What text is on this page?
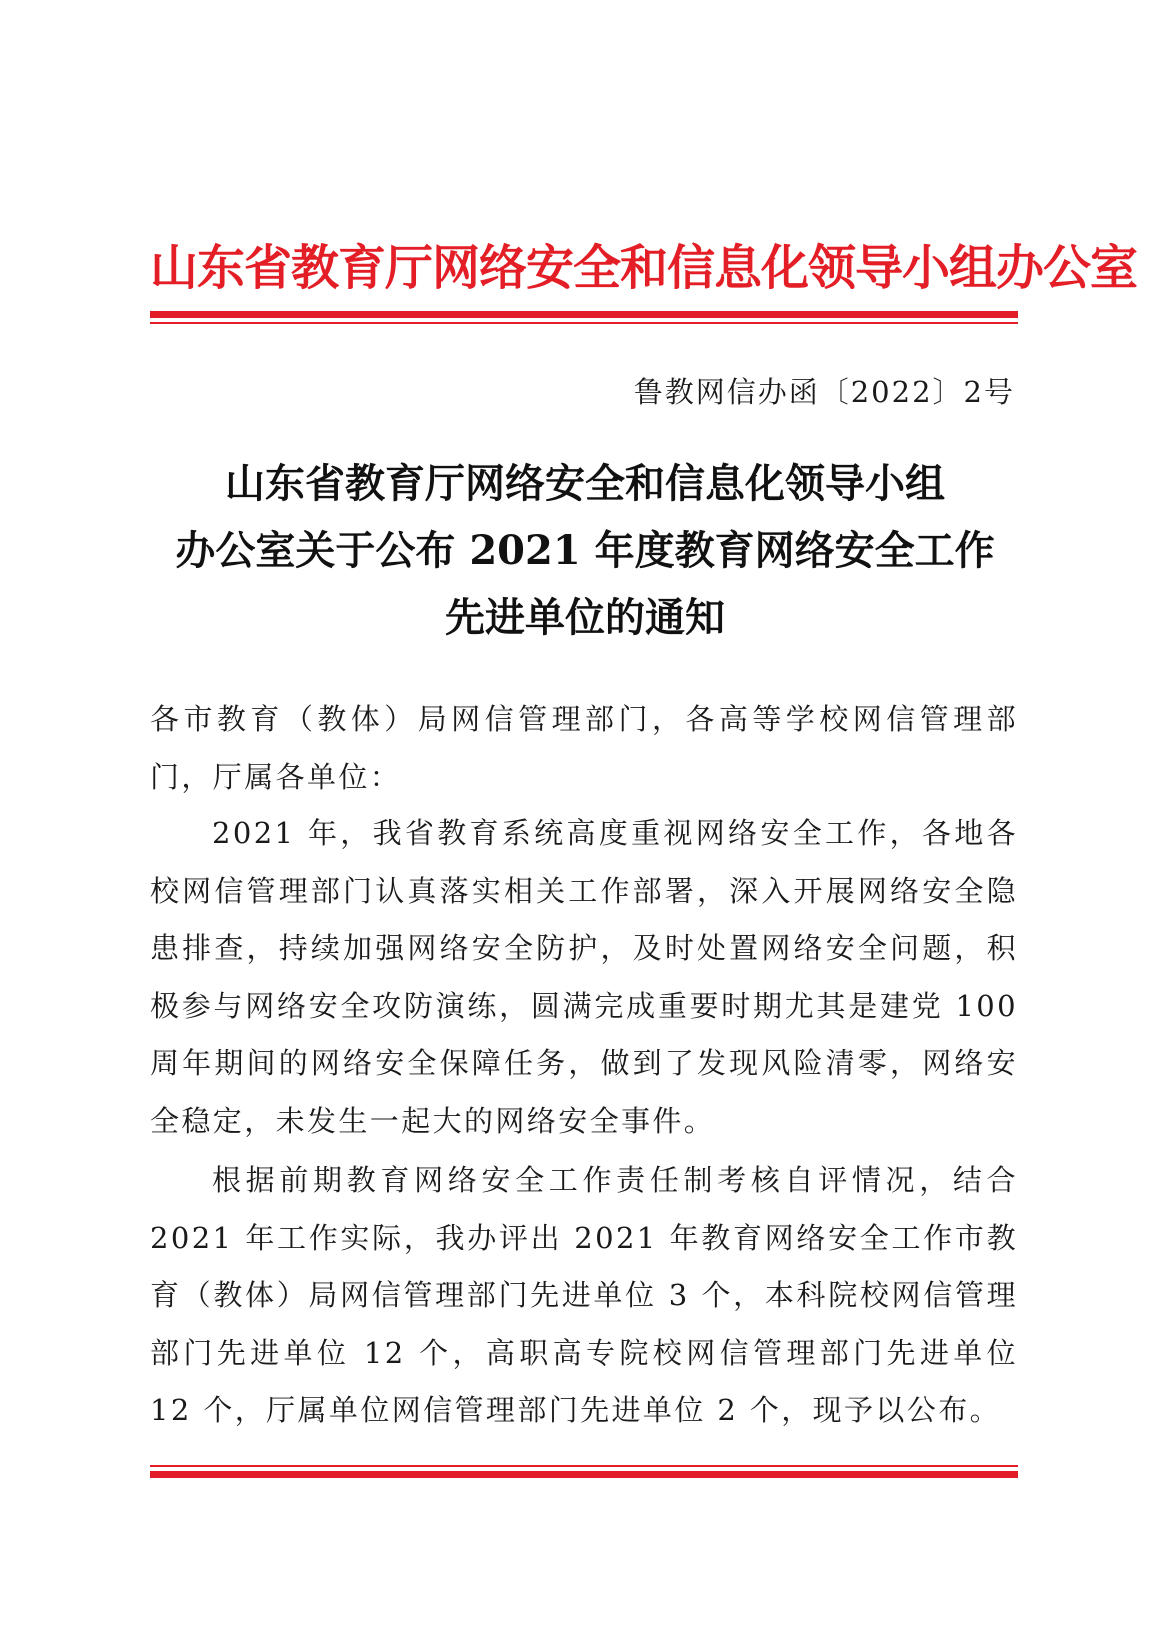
山东省教育厅网络安全和信息化领导小组办公室
鲁教网信办函〔2022〕2号
山东省教育厅网络安全和信息化领导小组
办公室关于公布 2021 年度教育网络安全工作
先进单位的通知
各市教育（教体）局网信管理部门，各高等学校网信管理部门，厅属各单位：
2021 年，我省教育系统高度重视网络安全工作，各地各校网信管理部门认真落实相关工作部署，深入开展网络安全隐患排查，持续加强网络安全防护，及时处置网络安全问题，积极参与网络安全攻防演练，圆满完成重要时期尤其是建党 100 周年期间的网络安全保障任务，做到了发现风险清零，网络安全稳定，未发生一起大的网络安全事件。
根据前期教育网络安全工作责任制考核自评情况，结合 2021 年工作实际，我办评出 2021 年教育网络安全工作市教育（教体）局网信管理部门先进单位 3 个，本科院校网信管理部门先进单位 12 个，高职高专院校网信管理部门先进单位 12 个，厅属单位网信管理部门先进单位 2 个，现予以公布。
